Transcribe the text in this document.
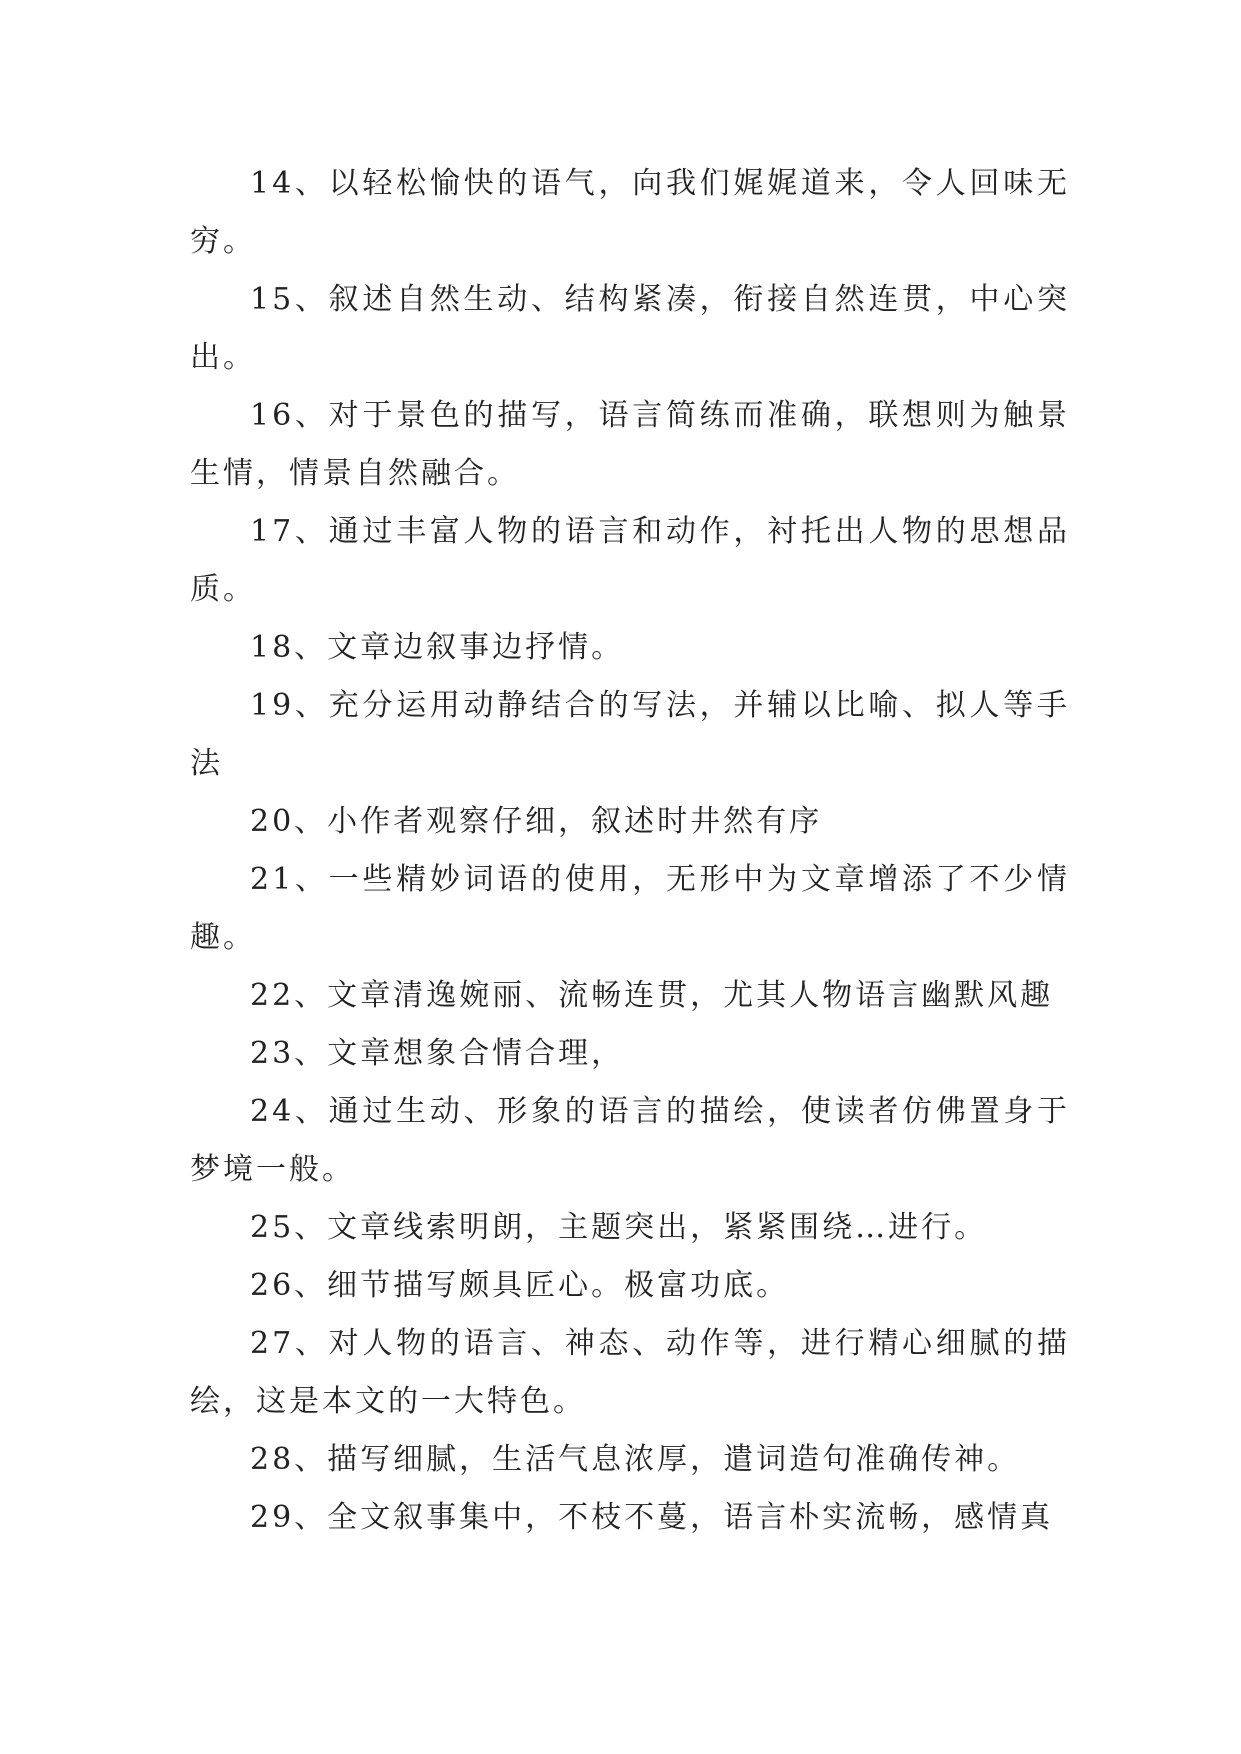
14、以轻松愉快的语气，向我们娓娓道来，令人回味无穷。

15、叙述自然生动、结构紧凑，衔接自然连贯，中心突出。

16、对于景色的描写，语言简练而准确，联想则为触景生情，情景自然融合。

17、通过丰富人物的语言和动作，衬托出人物的思想品质。

18、文章边叙事边抒情。

19、充分运用动静结合的写法，并辅以比喻、拟人等手法

20、小作者观察仔细，叙述时井然有序

21、一些精妙词语的使用，无形中为文章增添了不少情趣。

22、文章清逸婉丽、流畅连贯，尤其人物语言幽默风趣

23、文章想象合情合理，

24、通过生动、形象的语言的描绘，使读者仿佛置身于梦境一般。

25、文章线索明朗，主题突出，紧紧围绕…进行。

26、细节描写颇具匠心。极富功底。

27、对人物的语言、神态、动作等，进行精心细腻的描绘，这是本文的一大特色。

28、描写细腻，生活气息浓厚，遣词造句准确传神。

29、全文叙事集中，不枝不蔓，语言朴实流畅，感情真
